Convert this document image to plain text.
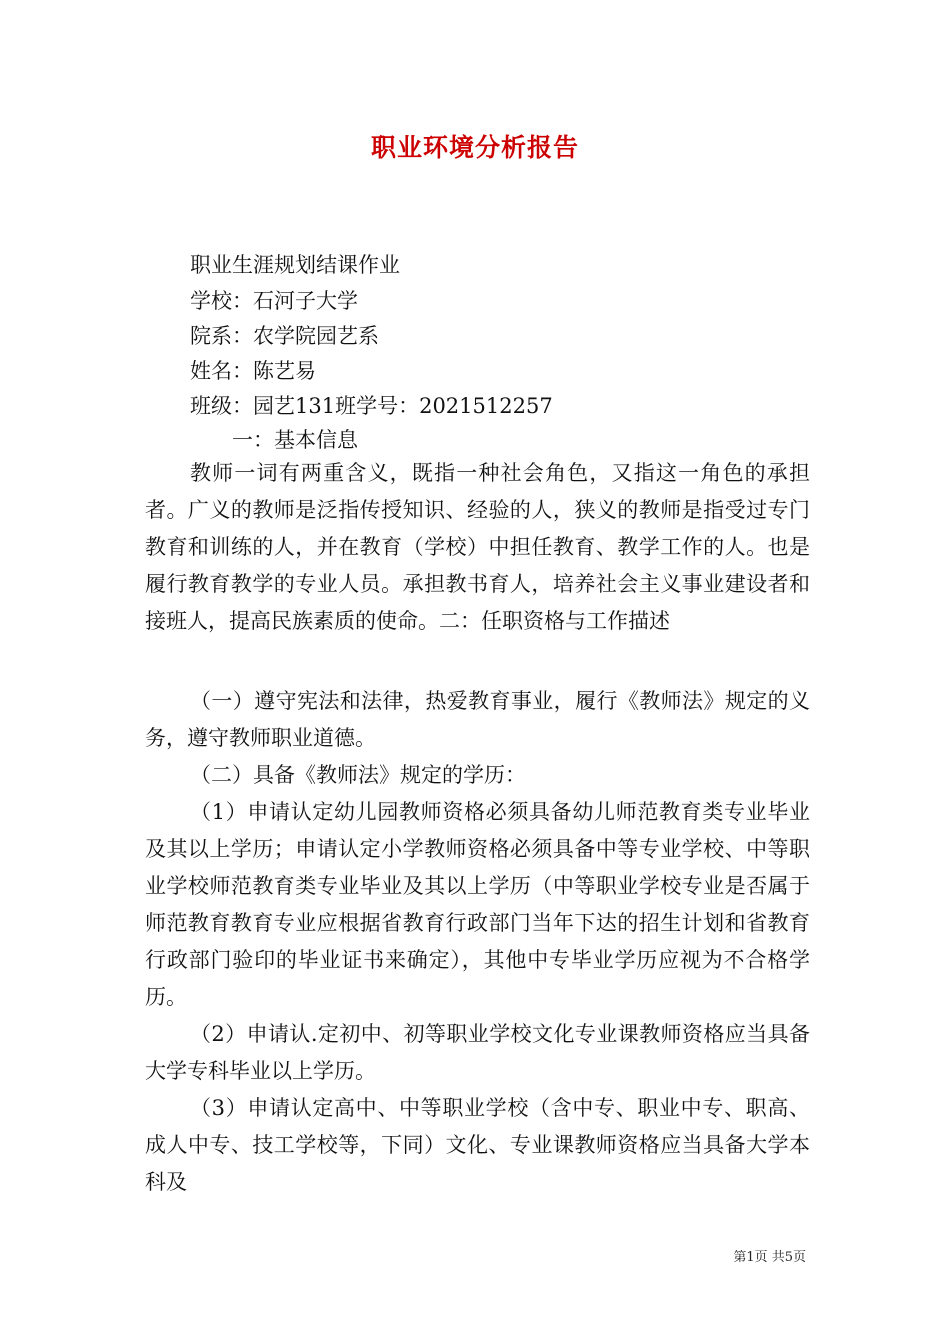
职业环境分析报告
职业生涯规划结课作业
学校：石河子大学
院系：农学院园艺系
姓名：陈艺易
班级：园艺131班学号：2021512257
一：基本信息
教师一词有两重含义，既指一种社会角色，又指这一角色的承担者。广义的教师是泛指传授知识、经验的人，狭义的教师是指受过专门教育和训练的人，并在教育（学校）中担任教育、教学工作的人。也是履行教育教学的专业人员。承担教书育人，培养社会主义事业建设者和接班人，提高民族素质的使命。二：任职资格与工作描述
（一）遵守宪法和法律，热爱教育事业，履行《教师法》规定的义务，遵守教师职业道德。
（二）具备《教师法》规定的学历：
（1）申请认定幼儿园教师资格必须具备幼儿师范教育类专业毕业及其以上学历；申请认定小学教师资格必须具备中等专业学校、中等职业学校师范教育类专业毕业及其以上学历（中等职业学校专业是否属于师范教育教育专业应根据省教育行政部门当年下达的招生计划和省教育行政部门验印的毕业证书来确定），其他中专毕业学历应视为不合格学历。
（2）申请认.定初中、初等职业学校文化专业课教师资格应当具备大学专科毕业以上学历。
（3）申请认定高中、中等职业学校（含中专、职业中专、职高、成人中专、技工学校等，下同）文化、专业课教师资格应当具备大学本科及
第1页 共5页
